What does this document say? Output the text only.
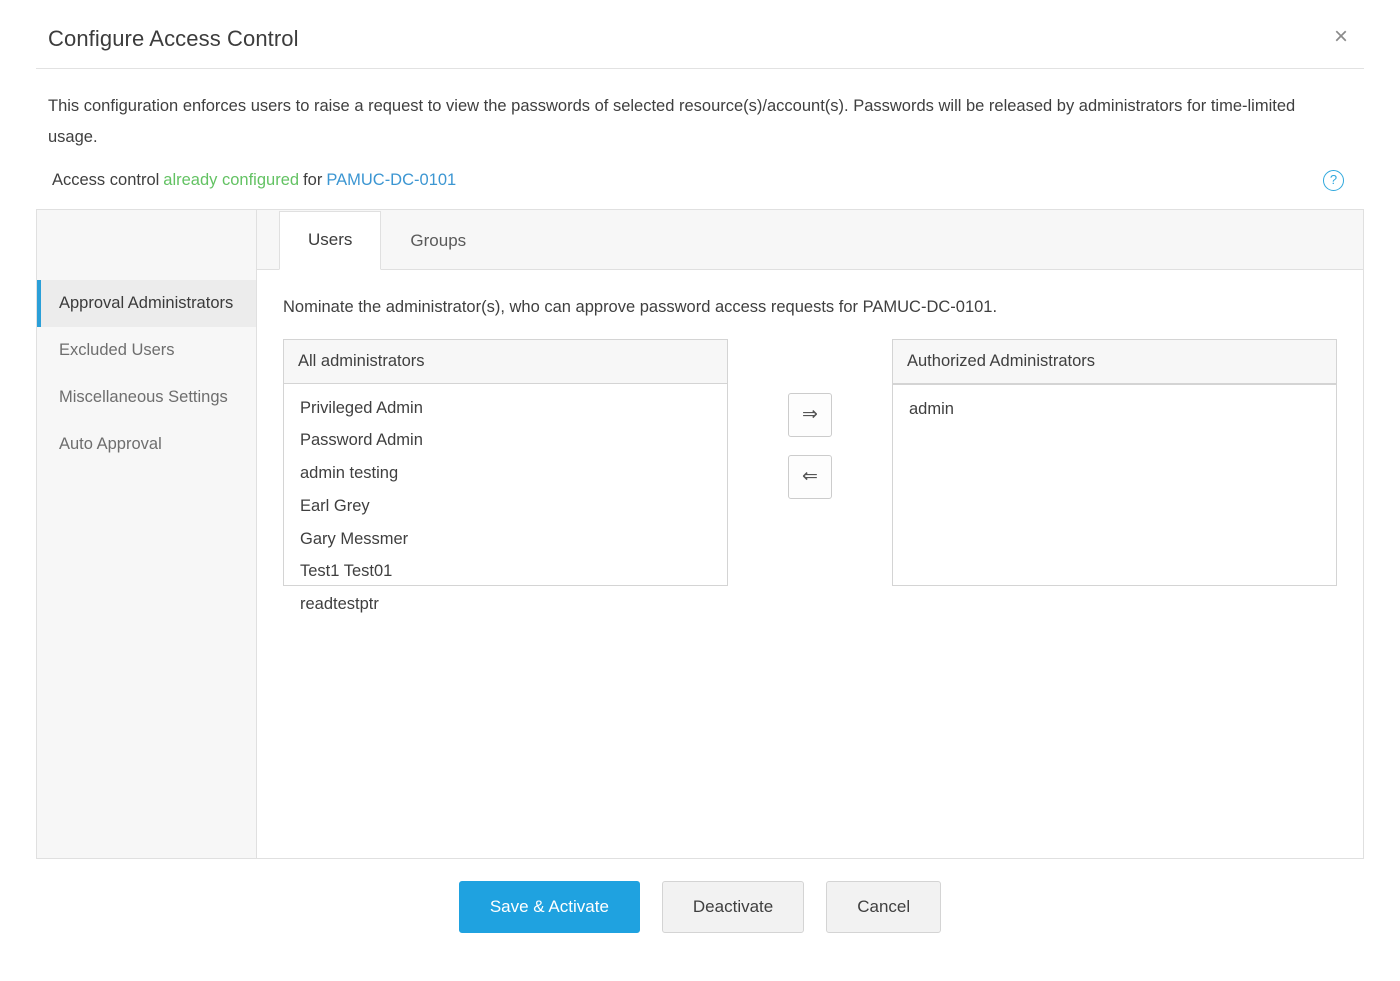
Configure Access Control	×
This configuration enforces users to raise a request to view the passwords of selected resource(s)/account(s). Passwords will be released by administrators for time-limited usage.
Access control already configured for PAMUC-DC-0101	?
Approval Administrators
Excluded Users
Miscellaneous Settings
Auto Approval
Users	Groups
Nominate the administrator(s), who can approve password access requests for PAMUC-DC-0101.
All administrators
Privileged Admin
Password Admin
admin testing
Earl Grey
Gary Messmer
Test1 Test01
readtestptr
⇒
⇐
Authorized Administrators
admin
Save & Activate	Deactivate	Cancel
